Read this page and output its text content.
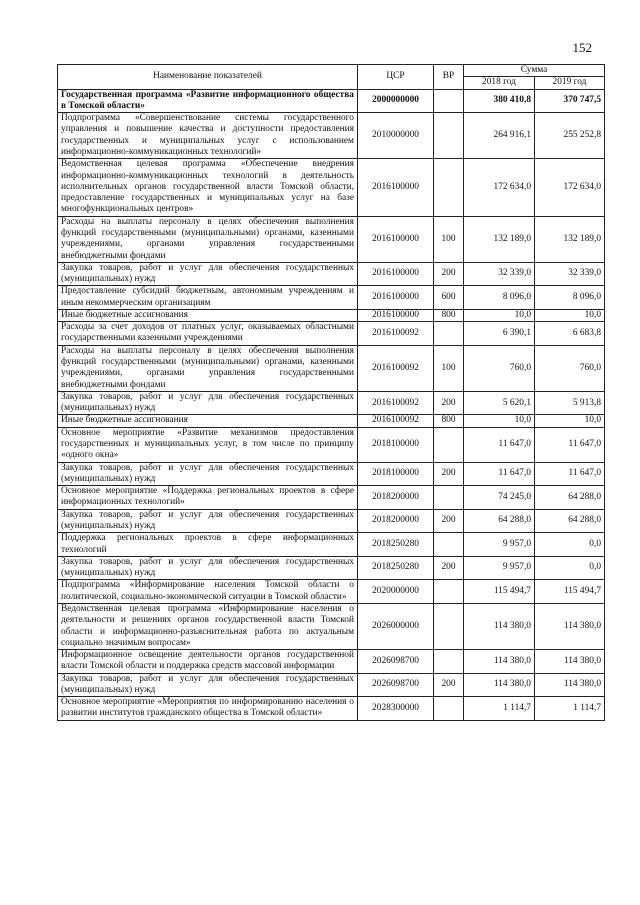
152
Наименование показателей	ЦСР	ВР	Сумма	
			2018 год	2019 год
Государственная программа «Развитие информационного общества в Томской области»	2000000000		380 410,8	370 747,5
Подпрограмма «Совершенствование системы государственного управления и повышение качества и доступности предоставления государственных и муниципальных услуг с использованием информационно-коммуникационных технологий»	2010000000		264 916,1	255 252,8
Ведомственная целевая программа «Обеспечение внедрения информационно-коммуникационных технологий в деятельность исполнительных органов государственной власти Томской области, предоставление государственных и муниципальных услуг на базе многофункциональных центров»	2016100000		172 634,0	172 634,0
Расходы на выплаты персоналу в целях обеспечения выполнения функций государственными (муниципальными) органами, казенными учреждениями, органами управления государственными внебюджетными фондами	2016100000	100	132 189,0	132 189,0
Закупка товаров, работ и услуг для обеспечения государственных (муниципальных) нужд	2016100000	200	32 339,0	32 339,0
Предоставление субсидий бюджетным, автономным учреждениям и иным некоммерческим организациям	2016100000	600	8 096,0	8 096,0
Иные бюджетные ассигнования	2016100000	800	10,0	10,0
Расходы за счет доходов от платных услуг, оказываемых областными государственными казенными учреждениями	2016100092		6 390,1	6 683,8
Расходы на выплаты персоналу в целях обеспечения выполнения функций государственными (муниципальными) органами, казенными учреждениями, органами управления государственными внебюджетными фондами	2016100092	100	760,0	760,0
Закупка товаров, работ и услуг для обеспечения государственных (муниципальных) нужд	2016100092	200	5 620,1	5 913,8
Иные бюджетные ассигнования	2016100092	800	10,0	10,0
Основное мероприятие «Развитие механизмов предоставления государственных и муниципальных услуг, в том числе по принципу «одного окна»	2018100000		11 647,0	11 647,0
Закупка товаров, работ и услуг для обеспечения государственных (муниципальных) нужд	2018100000	200	11 647,0	11 647,0
Основное мероприятие «Поддержка региональных проектов в сфере информационных технологий»	2018200000		74 245,0	64 288,0
Закупка товаров, работ и услуг для обеспечения государственных (муниципальных) нужд	2018200000	200	64 288,0	64 288,0
Поддержка региональных проектов в сфере информационных технологий	2018250280		9 957,0	0,0
Закупка товаров, работ и услуг для обеспечения государственных (муниципальных) нужд	2018250280	200	9 957,0	0,0
Подпрограмма «Информирование населения Томской области о политической, социально-экономической ситуации в Томской области»	2020000000		115 494,7	115 494,7
Ведомственная целевая программа «Информирование населения о деятельности и решениях органов государственной власти Томской области и информационно-разъяснительная работа по актуальным социально значимым вопросам»	2026000000		114 380,0	114 380,0
Информационное освещение деятельности органов государственной власти Томской области и поддержка средств массовой информации	2026098700		114 380,0	114 380,0
Закупка товаров, работ и услуг для обеспечения государственных (муниципальных) нужд	2026098700	200	114 380,0	114 380,0
Основное мероприятие «Мероприятия по информированию населения о развитии институтов гражданского общества в Томской области»	2028300000		1 114,7	1 114,7
